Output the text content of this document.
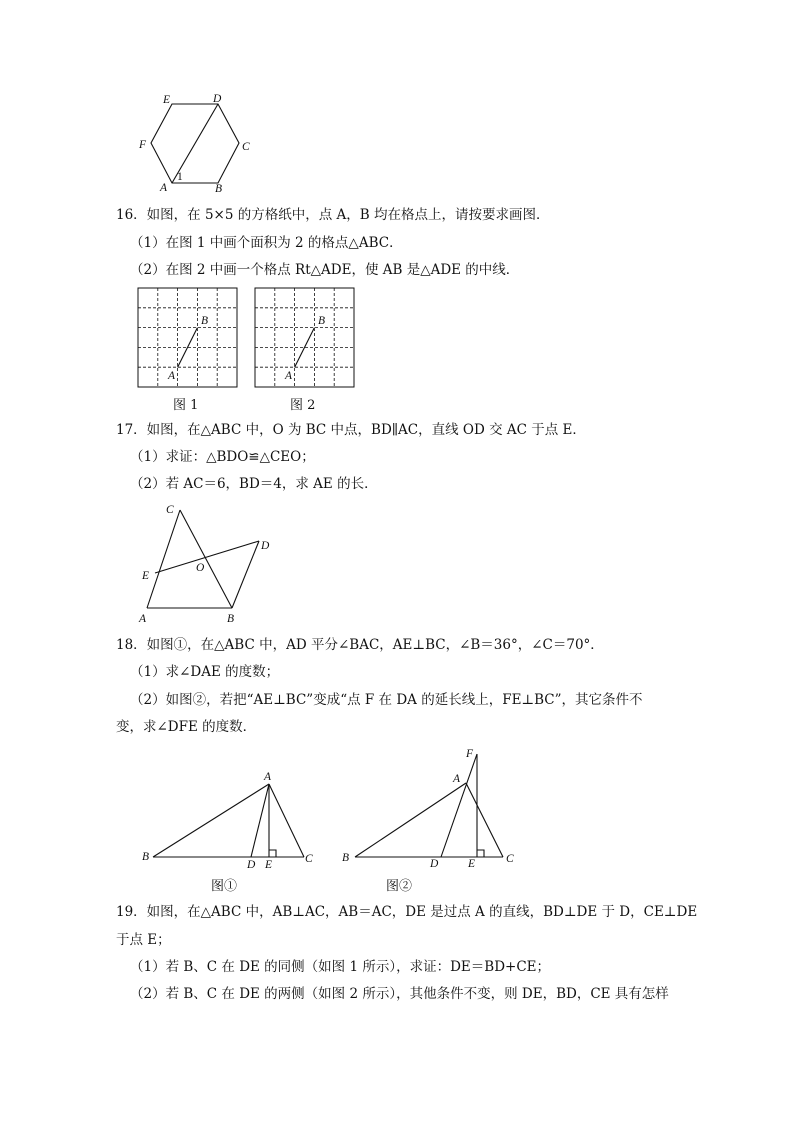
E	D
F	C
A	B
1
16．如图，在 5×5 的方格纸中，点 A，B 均在格点上，请按要求画图．
（1）在图 1 中画个面积为 2 的格点△ABC．
（2）在图 2 中画一个格点 Rt△ADE，使 AB 是△ADE 的中线．
B
A
图 1
B
A
图 2
17．如图，在△ABC 中，O 为 BC 中点，BD∥AC，直线 OD 交 AC 于点 E．
（1）求证：△BDO≌△CEO；
（2）若 AC＝6，BD＝4，求 AE 的长．
C
D
E
O
A	B
18．如图①，在△ABC 中，AD 平分∠BAC，AE⊥BC，∠B＝36°，∠C＝70°．
（1）求∠DAE 的度数；
（2）如图②，若把“AE⊥BC”变成“点 F 在 DA 的延长线上，FE⊥BC”，其它条件不
变，求∠DFE 的度数．
A
B
D E	C
图①
F
A
B	D	E	C
图②
19．如图，在△ABC 中，AB⊥AC，AB＝AC，DE 是过点 A 的直线，BD⊥DE 于 D，CE⊥DE
于点 E；
（1）若 B、C 在 DE 的同侧（如图 1 所示），求证：DE＝BD+CE；
（2）若 B、C 在 DE 的两侧（如图 2 所示），其他条件不变，则 DE，BD，CE 具有怎样
